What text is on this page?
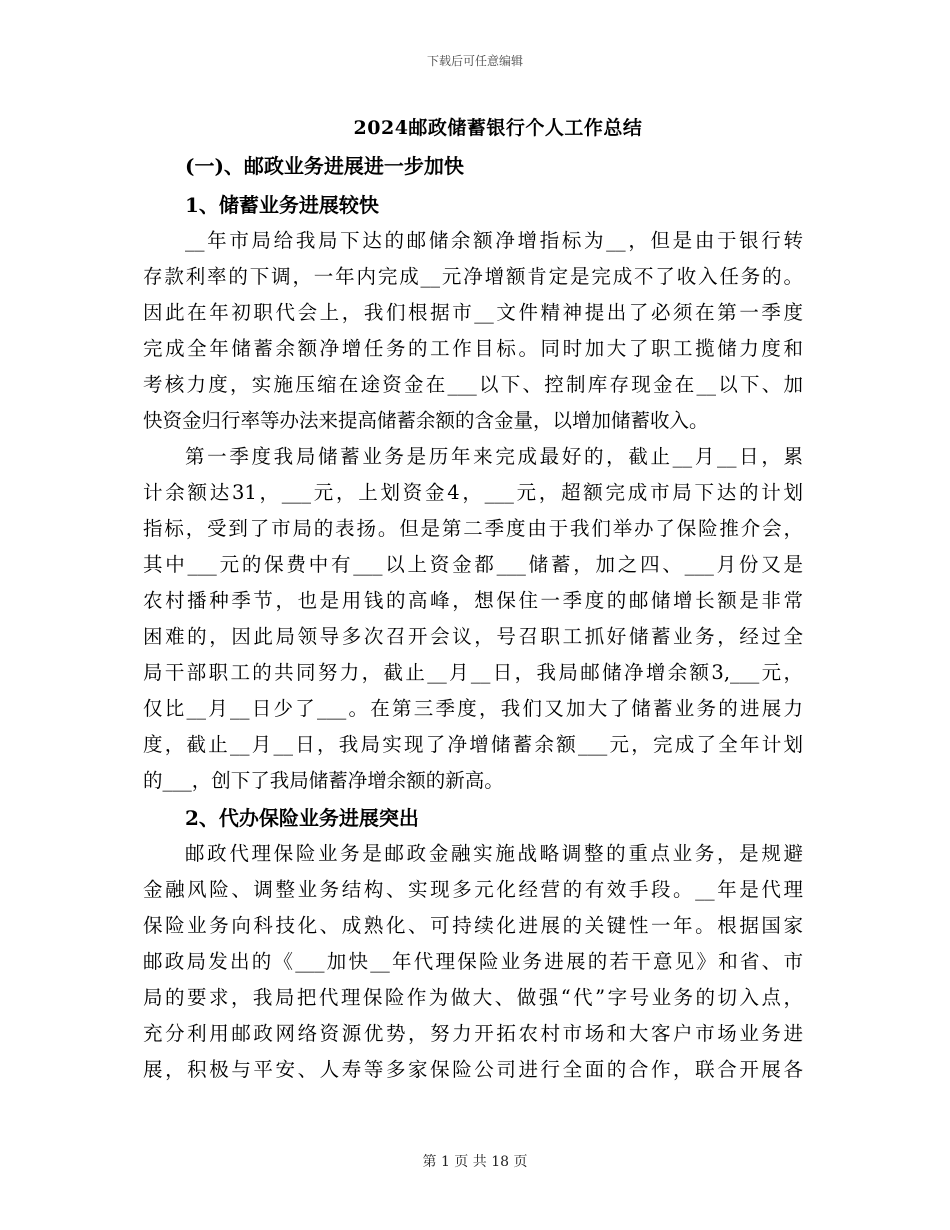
下载后可任意编辑
2024邮政储蓄银行个人工作总结
(一)、邮政业务进展进一步加快
1、储蓄业务进展较快
__年市局给我局下达的邮储余额净增指标为__，但是由于银行转
存款利率的下调，一年内完成__元净增额肯定是完成不了收入任务的。
因此在年初职代会上，我们根据市__文件精神提出了必须在第一季度
完成全年储蓄余额净增任务的工作目标。同时加大了职工揽储力度和
考核力度，实施压缩在途资金在___以下、控制库存现金在__以下、加
快资金归行率等办法来提高储蓄余额的含金量，以增加储蓄收入。
第一季度我局储蓄业务是历年来完成最好的，截止__月__日，累
计余额达31，___元，上划资金4，___元，超额完成市局下达的计划
指标，受到了市局的表扬。但是第二季度由于我们举办了保险推介会，
其中___元的保费中有___以上资金都___储蓄，加之四、___月份又是
农村播种季节，也是用钱的高峰，想保住一季度的邮储增长额是非常
困难的，因此局领导多次召开会议，号召职工抓好储蓄业务，经过全
局干部职工的共同努力，截止__月__日，我局邮储净增余额3,___元，
仅比__月__日少了___。在第三季度，我们又加大了储蓄业务的进展力
度，截止__月__日，我局实现了净增储蓄余额___元，完成了全年计划
的___，创下了我局储蓄净增余额的新高。
2、代办保险业务进展突出
邮政代理保险业务是邮政金融实施战略调整的重点业务，是规避
金融风险、调整业务结构、实现多元化经营的有效手段。__年是代理
保险业务向科技化、成熟化、可持续化进展的关键性一年。根据国家
邮政局发出的《___加快__年代理保险业务进展的若干意见》和省、市
局的要求，我局把代理保险作为做大、做强“代”字号业务的切入点，
充分利用邮政网络资源优势，努力开拓农村市场和大客户市场业务进
展，积极与平安、人寿等多家保险公司进行全面的合作，联合开展各
第 1 页 共 18 页
